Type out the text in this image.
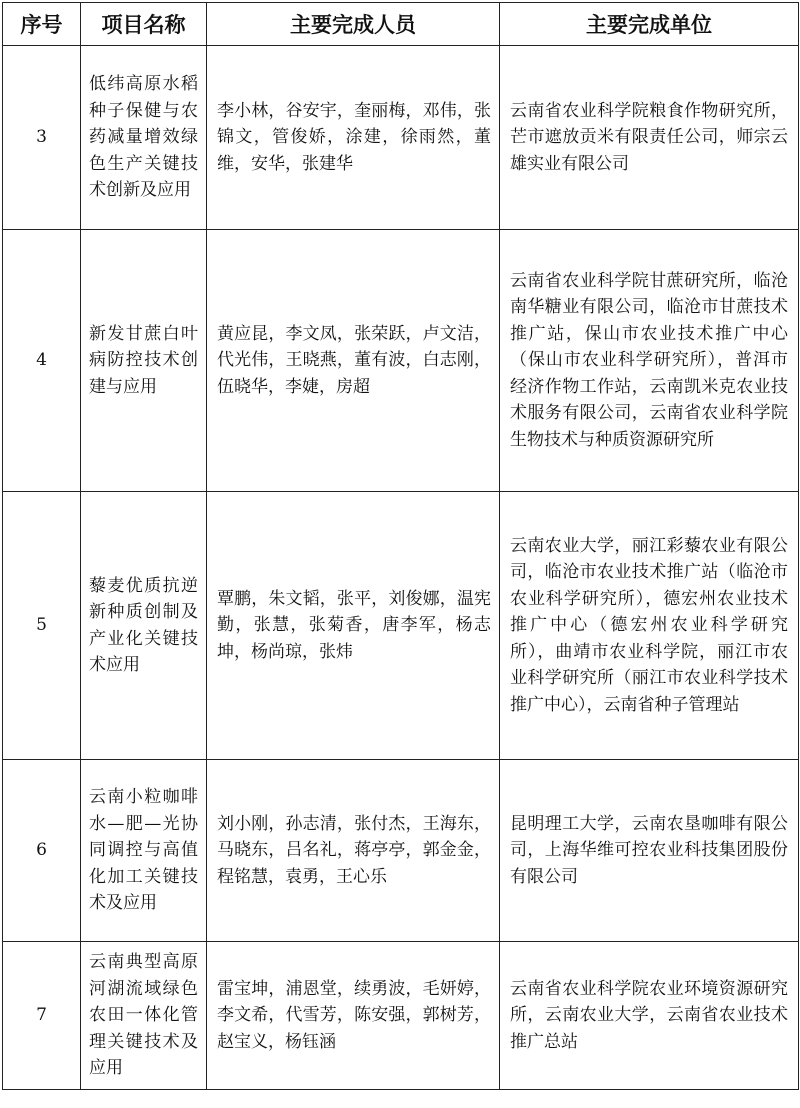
序号	项目名称	主要完成人员	主要完成单位
3	低纬高原水稻种子保健与农药减量增效绿色生产关键技术创新及应用	李小林，谷安宇，奎丽梅，邓伟，张锦文，管俊娇，涂建，徐雨然，董维，安华，张建华	云南省农业科学院粮食作物研究所，芒市遮放贡米有限责任公司，师宗云雄实业有限公司
4	新发甘蔗白叶病防控技术创建与应用	黄应昆，李文凤，张荣跃，卢文洁，代光伟，王晓燕，董有波，白志刚，伍晓华，李婕，房超	云南省农业科学院甘蔗研究所，临沧南华糖业有限公司，临沧市甘蔗技术推广站，保山市农业技术推广中心（保山市农业科学研究所），普洱市经济作物工作站，云南凯米克农业技术服务有限公司，云南省农业科学院生物技术与种质资源研究所
5	藜麦优质抗逆新种质创制及产业化关键技术应用	覃鹏，朱文韬，张平，刘俊娜，温宪勤，张慧，张菊香，唐李军，杨志坤，杨尚琼，张炜	云南农业大学，丽江彩藜农业有限公司，临沧市农业技术推广站（临沧市农业科学研究所），德宏州农业技术推广中心（德宏州农业科学研究所），曲靖市农业科学院，丽江市农业科学研究所（丽江市农业科学技术推广中心），云南省种子管理站
6	云南小粒咖啡水—肥—光协同调控与高值化加工关键技术及应用	刘小刚，孙志清，张付杰，王海东，马晓东，吕名礼，蒋亭亭，郭金金，程铭慧，袁勇，王心乐	昆明理工大学，云南农垦咖啡有限公司，上海华维可控农业科技集团股份有限公司
7	云南典型高原河湖流域绿色农田一体化管理关键技术及应用	雷宝坤，浦恩堂，续勇波，毛妍婷，李文希，代雪芳，陈安强，郭树芳，赵宝义，杨钰涵	云南省农业科学院农业环境资源研究所，云南农业大学，云南省农业技术推广总站
